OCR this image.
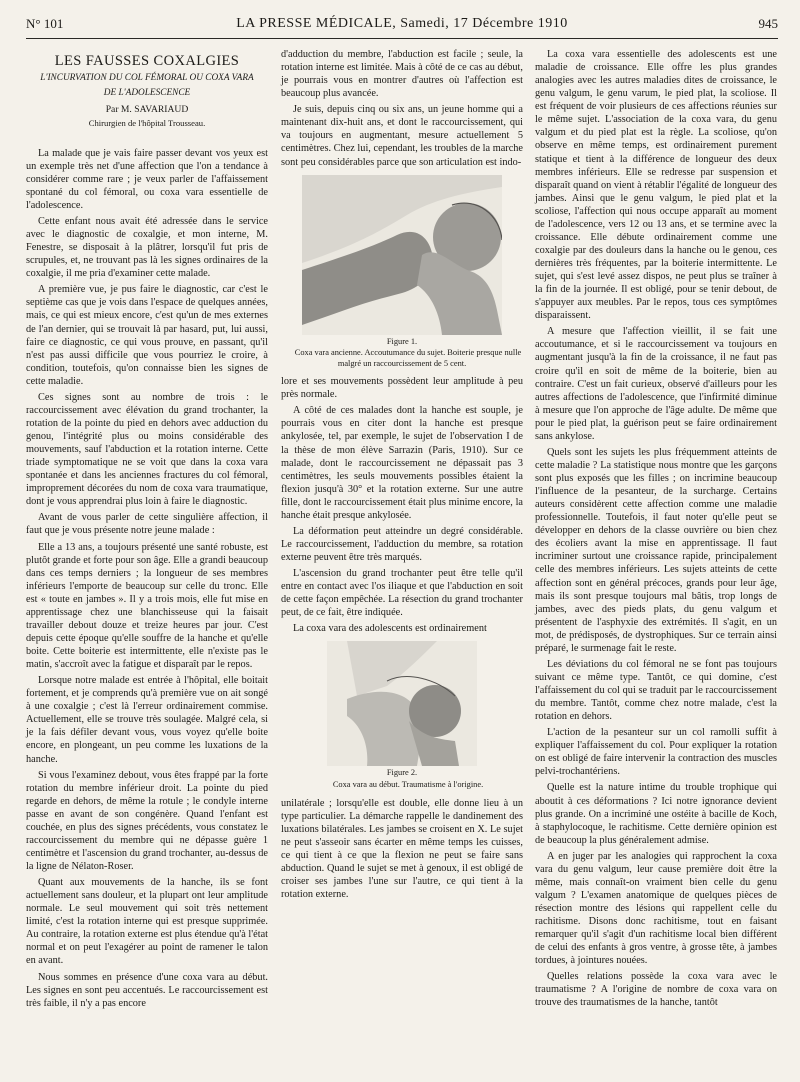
N° 101	LA PRESSE MÉDICALE, Samedi, 17 Décembre 1910	945
LES FAUSSES COXALGIES

L'INCURVATION DU COL FÉMORAL OU COXA VARA

DE L'ADOLESCENCE

Par M. SAVARIAUD
Chirurgien de l'hôpital Trousseau.

La malade que je vais faire passer devant vos yeux est un exemple très net d'une affection que l'on a tendance à considérer comme rare ; je veux parler de l'affaissement spontané du col fémoral, ou coxa vara essentielle de l'adolescence.

Cette enfant nous avait été adressée dans le service avec le diagnostic de coxalgie, et mon interne, M. Fenestre, se disposait à la plâtrer, lorsqu'il fut pris de scrupules, et, ne trouvant pas là les signes ordinaires de la coxalgie, il me pria d'examiner cette malade.

A première vue, je pus faire le diagnostic, car c'est le septième cas que je vois dans l'espace de quelques années, mais, ce qui est mieux encore, c'est qu'un de mes externes de l'an dernier, qui se trouvait là par hasard, put, lui aussi, faire ce diagnostic, ce qui vous prouve, en passant, qu'il n'est pas aussi difficile que vous pourriez le croire, à condition, toutefois, qu'on connaisse bien les signes de cette maladie.

Ces signes sont au nombre de trois : le raccourcissement avec élévation du grand trochanter, la rotation de la pointe du pied en dehors avec adduction du genou, l'intégrité plus ou moins considérable des mouvements, sauf l'abduction et la rotation interne. Cette triade symptomatique ne se voit que dans la coxa vara spontanée et dans les anciennes fractures du col fémoral, improprement décorées du nom de coxa vara traumatique, dont je vous apprendrai plus loin à faire le diagnostic.

Avant de vous parler de cette singulière affection, il faut que je vous présente notre jeune malade :

Elle a 13 ans, a toujours présenté une santé robuste, est plutôt grande et forte pour son âge. Elle a grandi beaucoup dans ces temps derniers ; la longueur de ses membres inférieurs l'emporte de beaucoup sur celle du tronc. Elle est « toute en jambes ». Il y a trois mois, elle fut mise en apprentissage chez une blanchisseuse qui la faisait travailler debout douze et treize heures par jour. C'est depuis cette époque qu'elle souffre de la hanche et qu'elle boite. Cette boiterie est intermittente, elle n'existe pas le matin, s'accroît avec la fatigue et disparaît par le repos.

Lorsque notre malade est entrée à l'hôpital, elle boitait fortement, et je comprends qu'à première vue on ait songé à une coxalgie ; c'est là l'erreur ordinairement commise. Actuellement, elle se trouve très soulagée. Malgré cela, si je la fais défiler devant vous, vous voyez qu'elle boite encore, en plongeant, un peu comme les luxations de la hanche.

Si vous l'examinez debout, vous êtes frappé par la forte rotation du membre inférieur droit. La pointe du pied regarde en dehors, de même la rotule ; le condyle interne passe en avant de son congénère. Quand l'enfant est couchée, en plus des signes précédents, vous constatez le raccourcissement du membre qui ne dépasse guère 1 centimètre et l'ascension du grand trochanter, au-dessus de la ligne de Nélaton-Roser.

Quant aux mouvements de la hanche, ils se font actuellement sans douleur, et la plupart ont leur amplitude normale. Le seul mouvement qui soit très nettement limité, c'est la rotation interne qui est presque supprimée. Au contraire, la rotation externe est plus étendue qu'à l'état normal et on peut l'exagérer au point de ramener le talon en avant.

Nous sommes en présence d'une coxa vara au début. Les signes en sont peu accentués. Le raccourcissement est très faible, il n'y a pas encore

d'adduction du membre, l'abduction est facile ; seule, la rotation interne est limitée. Mais à côté de ce cas au début, je pourrais vous en montrer d'autres où l'affection est beaucoup plus avancée.

Je suis, depuis cinq ou six ans, un jeune homme qui a maintenant dix-huit ans, et dont le raccourcissement, qui va toujours en augmentant, mesure actuellement 5 centimètres. Chez lui, cependant, les troubles de la marche sont peu considérables parce que son articulation est indo-

Figure 1.

Coxa vara ancienne. Accoutumance du sujet. Boiterie presque nulle malgré un raccourcissement de 5 cent.

lore et ses mouvements possèdent leur amplitude à peu près normale.

A côté de ces malades dont la hanche est souple, je pourrais vous en citer dont la hanche est presque ankylosée, tel, par exemple, le sujet de l'observation I de la thèse de mon élève Sarrazin (Paris, 1910). Sur ce malade, dont le raccourcissement ne dépassait pas 3 centimètres, les seuls mouvements possibles étaient la flexion jusqu'à 30° et la rotation externe. Sur une autre fille, dont le raccourcissement était plus minime encore, la hanche était presque ankylosée.

La déformation peut atteindre un degré considérable. Le raccourcissement, l'adduction du membre, sa rotation externe peuvent être très marqués.

L'ascension du grand trochanter peut être telle qu'il entre en contact avec l'os iliaque et que l'abduction en soit de cette façon empêchée. La résection du grand trochanter peut, de ce fait, être indiquée.

La coxa vara des adolescents est ordinairement

Figure 2.

Coxa vara au début. Traumatisme à l'origine.

unilatérale ; lorsqu'elle est double, elle donne lieu à un type particulier. La démarche rappelle le dandinement des luxations bilatérales. Les jambes se croisent en X. Le sujet ne peut s'asseoir sans écarter en même temps les cuisses, ce qui tient à ce que la flexion ne peut se faire sans abduction. Quand le sujet se met à genoux, il est obligé de croiser ses jambes l'une sur l'autre, ce qui tient à la rotation externe.

La coxa vara essentielle des adolescents est une maladie de croissance. Elle offre les plus grandes analogies avec les autres maladies dites de croissance, le genu valgum, le genu varum, le pied plat, la scoliose. Il est fréquent de voir plusieurs de ces affections réunies sur le même sujet. L'association de la coxa vara, du genu valgum et du pied plat est la règle. La scoliose, qu'on observe en même temps, est ordinairement purement statique et tient à la différence de longueur des deux membres inférieurs. Elle se redresse par suspension et disparaît quand on vient à rétablir l'égalité de longueur des jambes. Ainsi que le genu valgum, le pied plat et la scoliose, l'affection qui nous occupe apparaît au moment de l'adolescence, vers 12 ou 13 ans, et se termine avec la croissance. Elle débute ordinairement comme une coxalgie par des douleurs dans la hanche ou le genou, ces dernières très fréquentes, par la boiterie intermittente. Le sujet, qui s'est levé assez dispos, ne peut plus se traîner à la fin de la journée. Il est obligé, pour se tenir debout, de s'appuyer aux meubles. Par le repos, tous ces symptômes disparaissent.

A mesure que l'affection vieillit, il se fait une accoutumance, et si le raccourcissement va toujours en augmentant jusqu'à la fin de la croissance, il ne faut pas croire qu'il en soit de même de la boiterie, bien au contraire. C'est un fait curieux, observé d'ailleurs pour les autres affections de l'adolescence, que l'infirmité diminue à mesure que l'on approche de l'âge adulte. De même que pour le pied plat, la guérison peut se faire ordinairement sans ankylose.

Quels sont les sujets les plus fréquemment atteints de cette maladie ? La statistique nous montre que les garçons sont plus exposés que les filles ; on incrimine beaucoup l'influence de la pesanteur, de la surcharge. Certains auteurs considèrent cette affection comme une maladie professionnelle. Toutefois, il faut noter qu'elle peut se développer en dehors de la classe ouvrière ou bien chez des écoliers avant la mise en apprentissage. Il faut incriminer surtout une croissance rapide, principalement celle des membres inférieurs. Les sujets atteints de cette affection sont en général précoces, grands pour leur âge, mais ils sont presque toujours mal bâtis, trop longs de jambes, avec des pieds plats, du genu valgum et présentent de l'asphyxie des extrémités. Il s'agit, en un mot, de prédisposés, de dystrophiques. Sur ce terrain ainsi préparé, le surmenage fait le reste.

Les déviations du col fémoral ne se font pas toujours suivant ce même type. Tantôt, ce qui domine, c'est l'affaissement du col qui se traduit par le raccourcissement du membre. Tantôt, comme chez notre malade, c'est la rotation en dehors.

L'action de la pesanteur sur un col ramolli suffit à expliquer l'affaissement du col. Pour expliquer la rotation on est obligé de faire intervenir la contraction des muscles pelvi-trochantériens.

Quelle est la nature intime du trouble trophique qui aboutit à ces déformations ? Ici notre ignorance devient plus grande. On a incriminé une ostéite à bacille de Koch, à staphylocoque, le rachitisme. Cette dernière opinion est de beaucoup la plus généralement admise.

A en juger par les analogies qui rapprochent la coxa vara du genu valgum, leur cause première doit être la même, mais connaît-on vraiment bien celle du genu valgum ? L'examen anatomique de quelques pièces de résection montre des lésions qui rappellent celle du rachitisme. Disons donc rachitisme, tout en faisant remarquer qu'il s'agit d'un rachitisme local bien différent de celui des enfants à gros ventre, à grosse tête, à jambes tordues, à jointures nouées.

Quelles relations possède la coxa vara avec le traumatisme ? A l'origine de nombre de coxa vara on trouve des traumatismes de la hanche, tantôt
